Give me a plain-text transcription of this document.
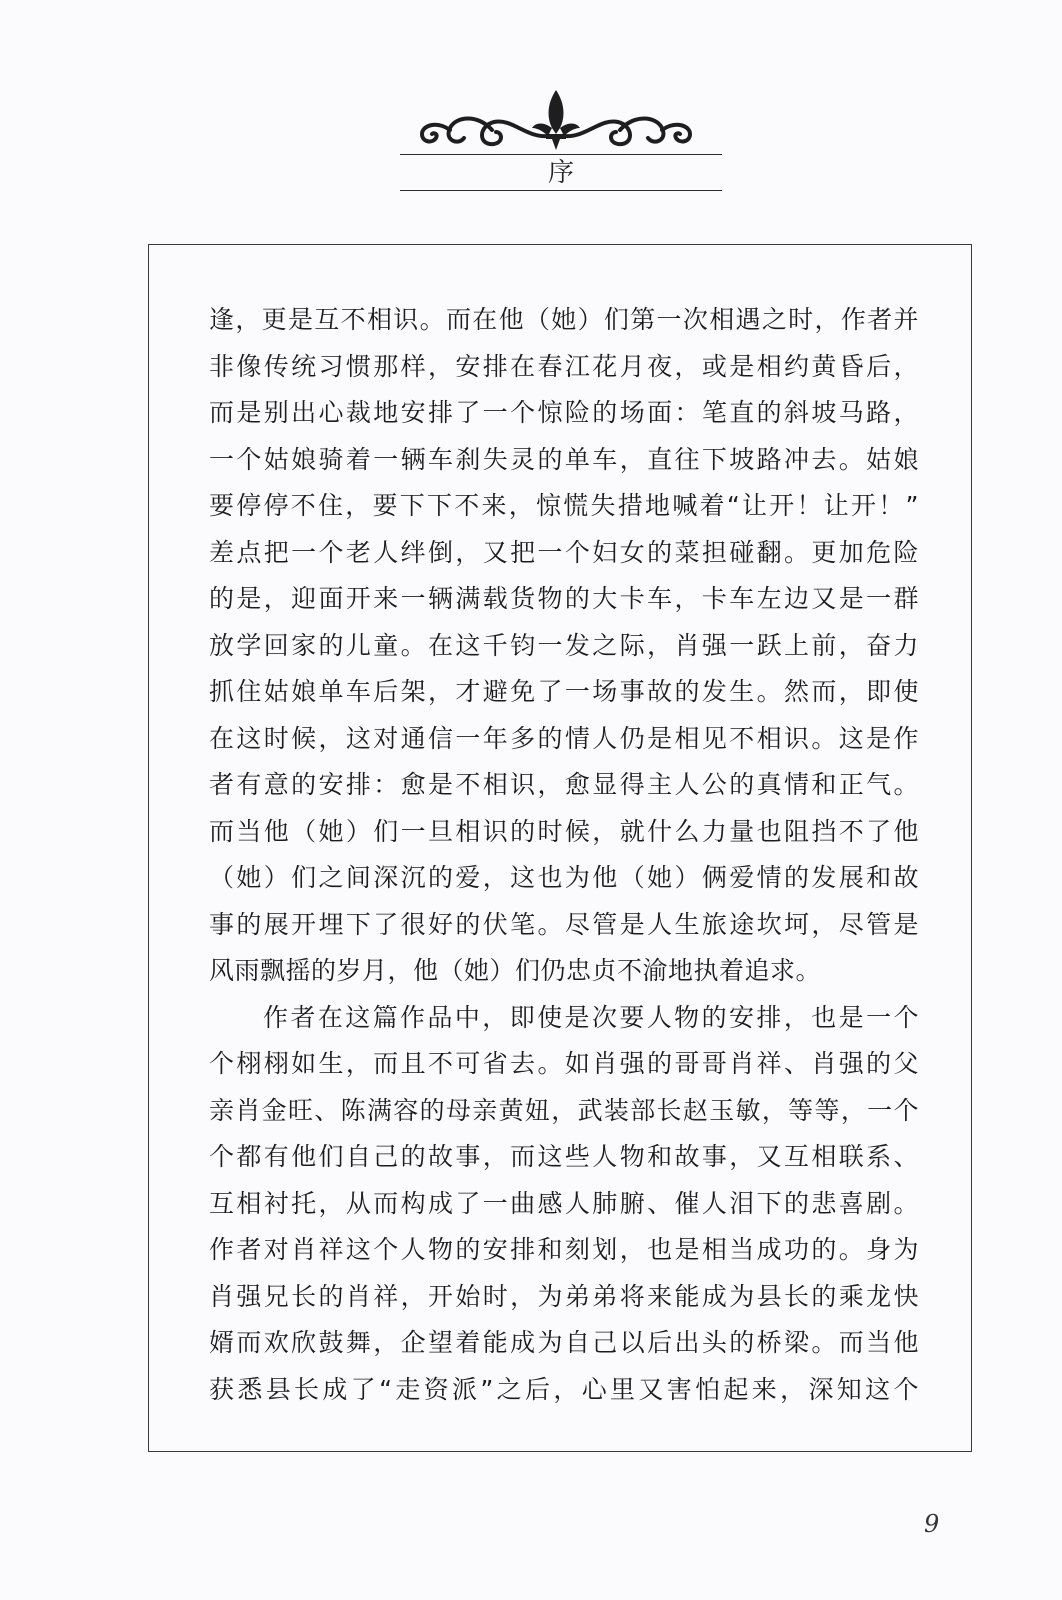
序
逢，更是互不相识。而在他（她）们第一次相遇之时，作者并
非像传统习惯那样，安排在春江花月夜，或是相约黄昏后，
而是别出心裁地安排了一个惊险的场面：笔直的斜坡马路，
一个姑娘骑着一辆车刹失灵的单车，直往下坡路冲去。姑娘
要停停不住，要下下不来，惊慌失措地喊着“让开！让开！”
差点把一个老人绊倒，又把一个妇女的菜担碰翻。更加危险
的是，迎面开来一辆满载货物的大卡车，卡车左边又是一群
放学回家的儿童。在这千钧一发之际，肖强一跃上前，奋力
抓住姑娘单车后架，才避免了一场事故的发生。然而，即使
在这时候，这对通信一年多的情人仍是相见不相识。这是作
者有意的安排：愈是不相识，愈显得主人公的真情和正气。
而当他（她）们一旦相识的时候，就什么力量也阻挡不了他
（她）们之间深沉的爱，这也为他（她）俩爱情的发展和故
事的展开埋下了很好的伏笔。尽管是人生旅途坎坷，尽管是
风雨飘摇的岁月，他（她）们仍忠贞不渝地执着追求。
作者在这篇作品中，即使是次要人物的安排，也是一个
个栩栩如生，而且不可省去。如肖强的哥哥肖祥、肖强的父
亲肖金旺、陈满容的母亲黄妞，武装部长赵玉敏，等等，一个
个都有他们自己的故事，而这些人物和故事，又互相联系、
互相衬托，从而构成了一曲感人肺腑、催人泪下的悲喜剧。
作者对肖祥这个人物的安排和刻划，也是相当成功的。身为
肖强兄长的肖祥，开始时，为弟弟将来能成为县长的乘龙快
婿而欢欣鼓舞，企望着能成为自己以后出头的桥梁。而当他
获悉县长成了“走资派”之后，心里又害怕起来，深知这个
9
